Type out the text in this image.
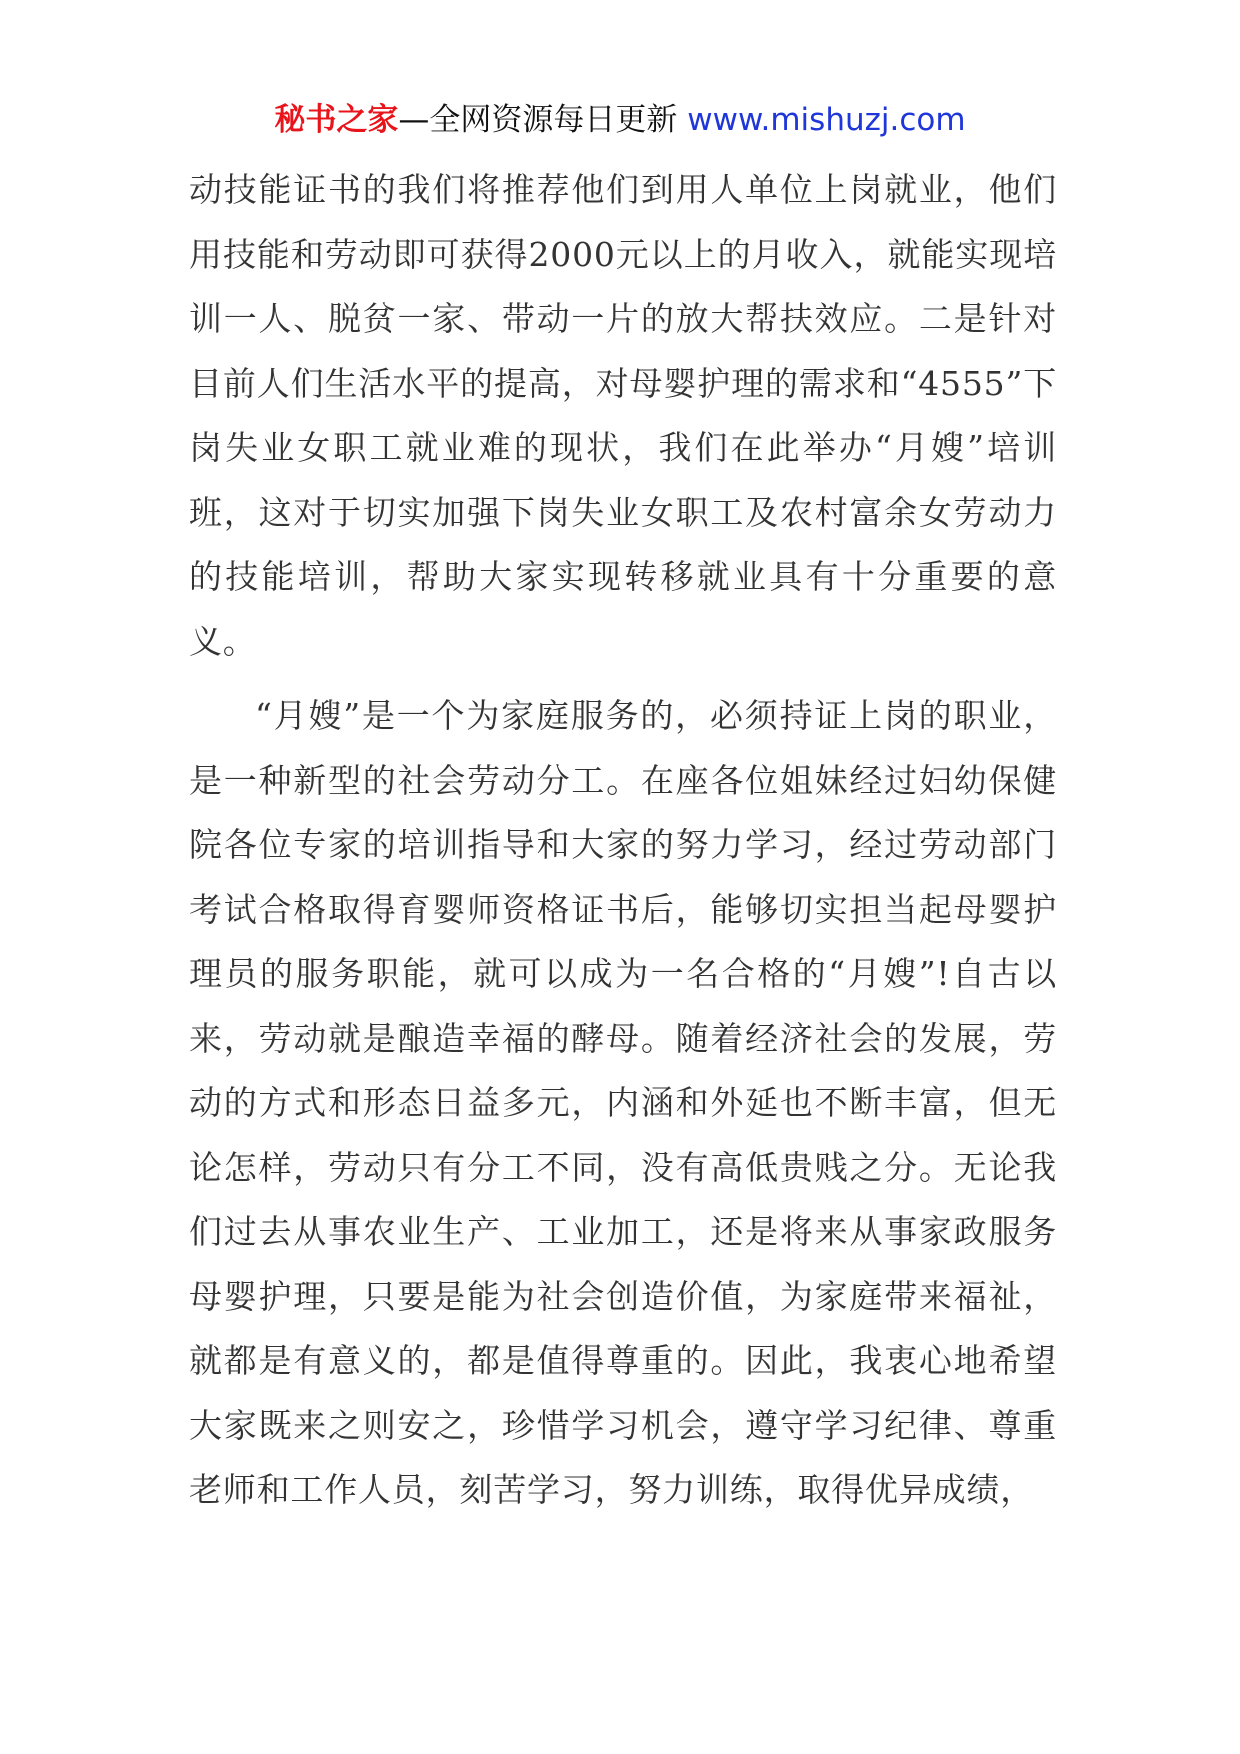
秘书之家—全网资源每日更新 www.mishuzj.com

动技能证书的我们将推荐他们到用人单位上岗就业，他们用技能和劳动即可获得2000元以上的月收入，就能实现培训一人、脱贫一家、带动一片的放大帮扶效应。二是针对目前人们生活水平的提高，对母婴护理的需求和“4555”下岗失业女职工就业难的现状，我们在此举办“月嫂”培训班，这对于切实加强下岗失业女职工及农村富余女劳动力的技能培训，帮助大家实现转移就业具有十分重要的意义。

“月嫂”是一个为家庭服务的，必须持证上岗的职业，是一种新型的社会劳动分工。在座各位姐妹经过妇幼保健院各位专家的培训指导和大家的努力学习，经过劳动部门考试合格取得育婴师资格证书后，能够切实担当起母婴护理员的服务职能，就可以成为一名合格的“月嫂”!自古以来，劳动就是酿造幸福的酵母。随着经济社会的发展，劳动的方式和形态日益多元，内涵和外延也不断丰富，但无论怎样，劳动只有分工不同，没有高低贵贱之分。无论我们过去从事农业生产、工业加工，还是将来从事家政服务母婴护理，只要是能为社会创造价值，为家庭带来福祉，就都是有意义的，都是值得尊重的。因此，我衷心地希望大家既来之则安之，珍惜学习机会，遵守学习纪律、尊重老师和工作人员，刻苦学习，努力训练，取得优异成绩，
